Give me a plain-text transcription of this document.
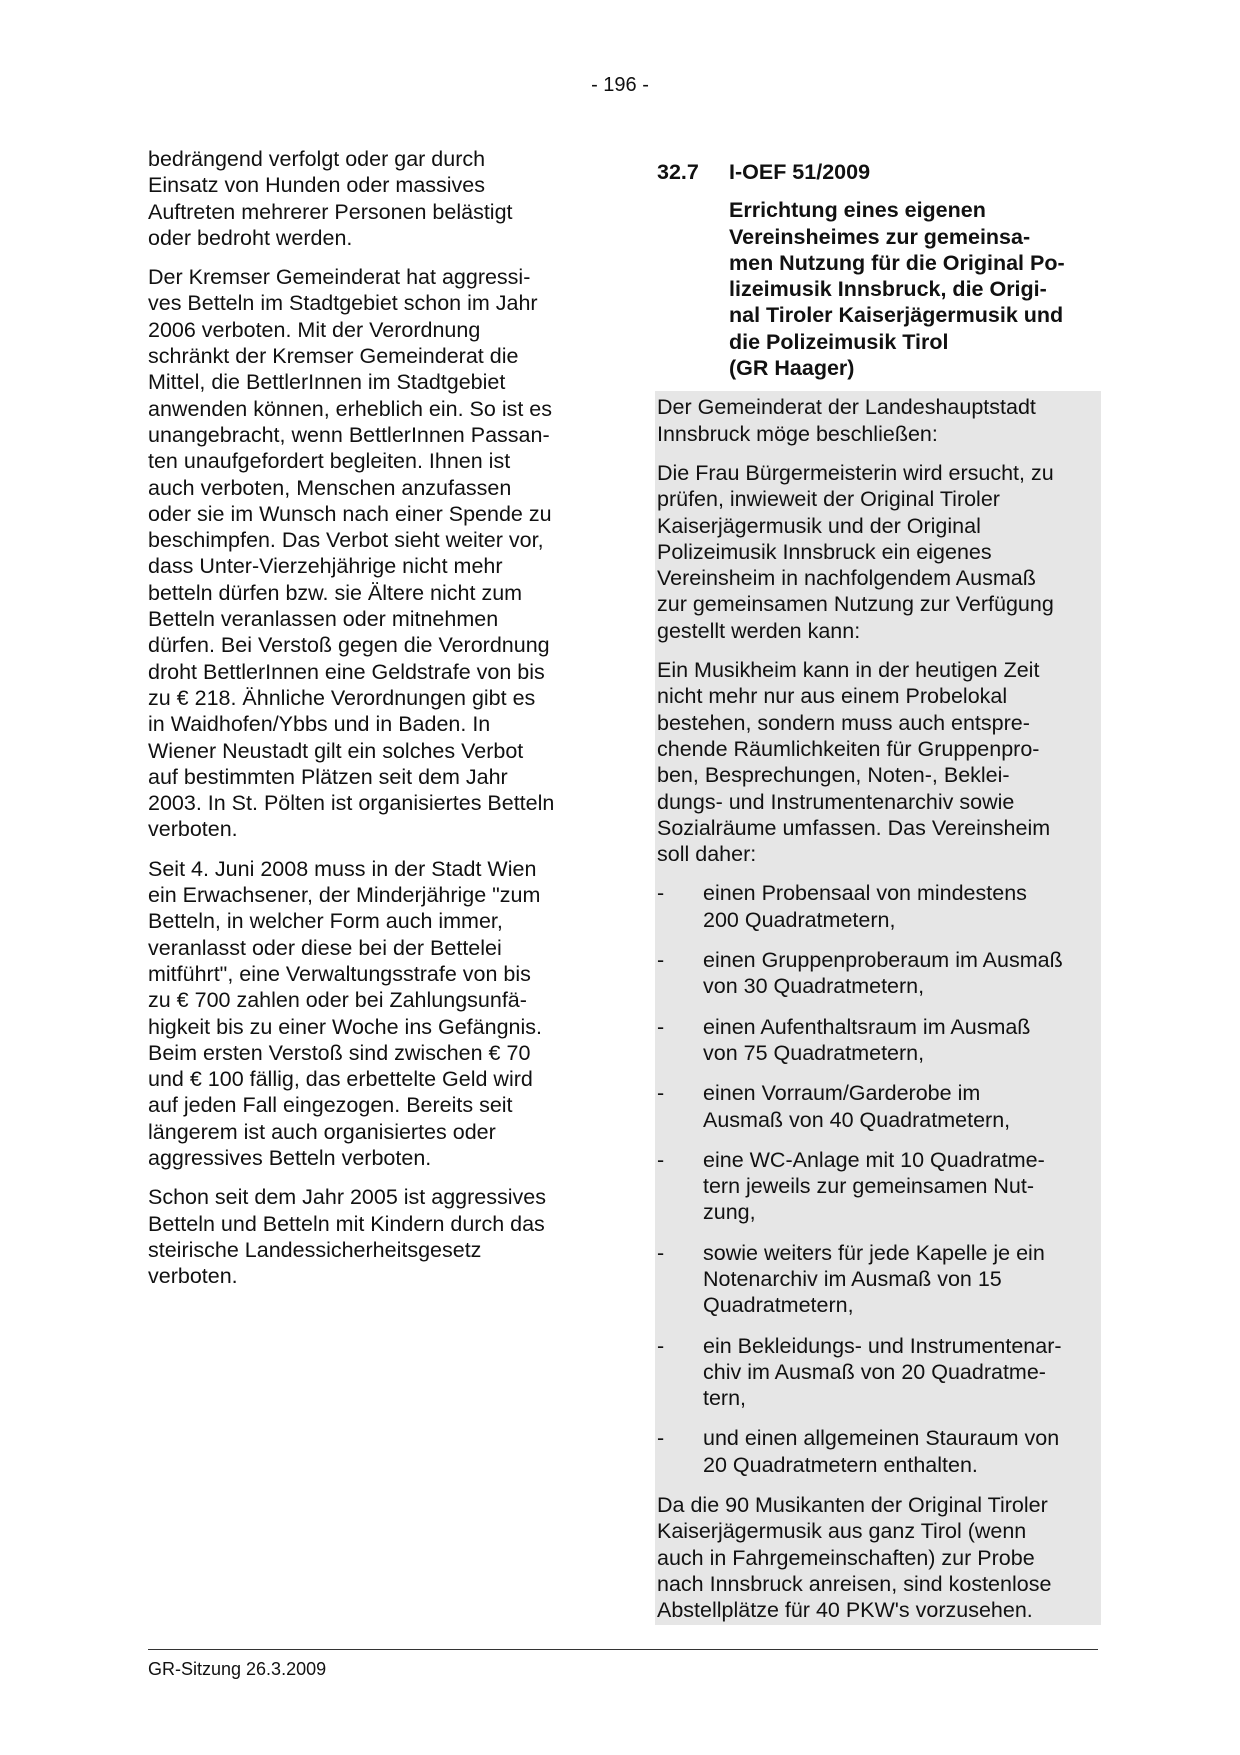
- 196 -

bedrängend verfolgt oder gar durch
Einsatz von Hunden oder massives
Auftreten mehrerer Personen belästigt
oder bedroht werden.

Der Kremser Gemeinderat hat aggressi-
ves Betteln im Stadtgebiet schon im Jahr
2006 verboten. Mit der Verordnung
schränkt der Kremser Gemeinderat die
Mittel, die BettlerInnen im Stadtgebiet
anwenden können, erheblich ein. So ist es
unangebracht, wenn BettlerInnen Passan-
ten unaufgefordert begleiten. Ihnen ist
auch verboten, Menschen anzufassen
oder sie im Wunsch nach einer Spende zu
beschimpfen. Das Verbot sieht weiter vor,
dass Unter-Vierzehjährige nicht mehr
betteln dürfen bzw. sie Ältere nicht zum
Betteln veranlassen oder mitnehmen
dürfen. Bei Verstoß gegen die Verordnung
droht BettlerInnen eine Geldstrafe von bis
zu € 218. Ähnliche Verordnungen gibt es
in Waidhofen/Ybbs und in Baden. In
Wiener Neustadt gilt ein solches Verbot
auf bestimmten Plätzen seit dem Jahr
2003. In St. Pölten ist organisiertes Betteln
verboten.

Seit 4. Juni 2008 muss in der Stadt Wien
ein Erwachsener, der Minderjährige "zum
Betteln, in welcher Form auch immer,
veranlasst oder diese bei der Bettelei
mitführt", eine Verwaltungsstrafe von bis
zu € 700 zahlen oder bei Zahlungsunfä-
higkeit bis zu einer Woche ins Gefängnis.
Beim ersten Verstoß sind zwischen € 70
und € 100 fällig, das erbettelte Geld wird
auf jeden Fall eingezogen. Bereits seit
längerem ist auch organisiertes oder
aggressives Betteln verboten.

Schon seit dem Jahr 2005 ist aggressives
Betteln und Betteln mit Kindern durch das
steirische Landessicherheitsgesetz
verboten.

32.7	I-OEF 51/2009
Errichtung eines eigenen
Vereinsheimes zur gemeinsa-
men Nutzung für die Original Po-
lizeimusik Innsbruck, die Origi-
nal Tiroler Kaiserjägermusik und
die Polizeimusik Tirol
(GR Haager)

Der Gemeinderat der Landeshauptstadt
Innsbruck möge beschließen:

Die Frau Bürgermeisterin wird ersucht, zu
prüfen, inwieweit der Original Tiroler
Kaiserjägermusik und der Original
Polizeimusik Innsbruck ein eigenes
Vereinsheim in nachfolgendem Ausmaß
zur gemeinsamen Nutzung zur Verfügung
gestellt werden kann:

Ein Musikheim kann in der heutigen Zeit
nicht mehr nur aus einem Probelokal
bestehen, sondern muss auch entspre-
chende Räumlichkeiten für Gruppenpro-
ben, Besprechungen, Noten-, Beklei-
dungs- und Instrumentenarchiv sowie
Sozialräume umfassen. Das Vereinsheim
soll daher:

-	einen Probensaal von mindestens
200 Quadratmetern,
-	einen Gruppenproberaum im Ausmaß
von 30 Quadratmetern,
-	einen Aufenthaltsraum im Ausmaß
von 75 Quadratmetern,
-	einen Vorraum/Garderobe im
Ausmaß von 40 Quadratmetern,
-	eine WC-Anlage mit 10 Quadratme-
tern jeweils zur gemeinsamen Nut-
zung,
-	sowie weiters für jede Kapelle je ein
Notenarchiv im Ausmaß von 15
Quadratmetern,
-	ein Bekleidungs- und Instrumentenar-
chiv im Ausmaß von 20 Quadratme-
tern,
-	und einen allgemeinen Stauraum von
20 Quadratmetern enthalten.

Da die 90 Musikanten der Original Tiroler
Kaiserjägermusik aus ganz Tirol (wenn
auch in Fahrgemeinschaften) zur Probe
nach Innsbruck anreisen, sind kostenlose
Abstellplätze für 40 PKW's vorzusehen.

GR-Sitzung 26.3.2009
